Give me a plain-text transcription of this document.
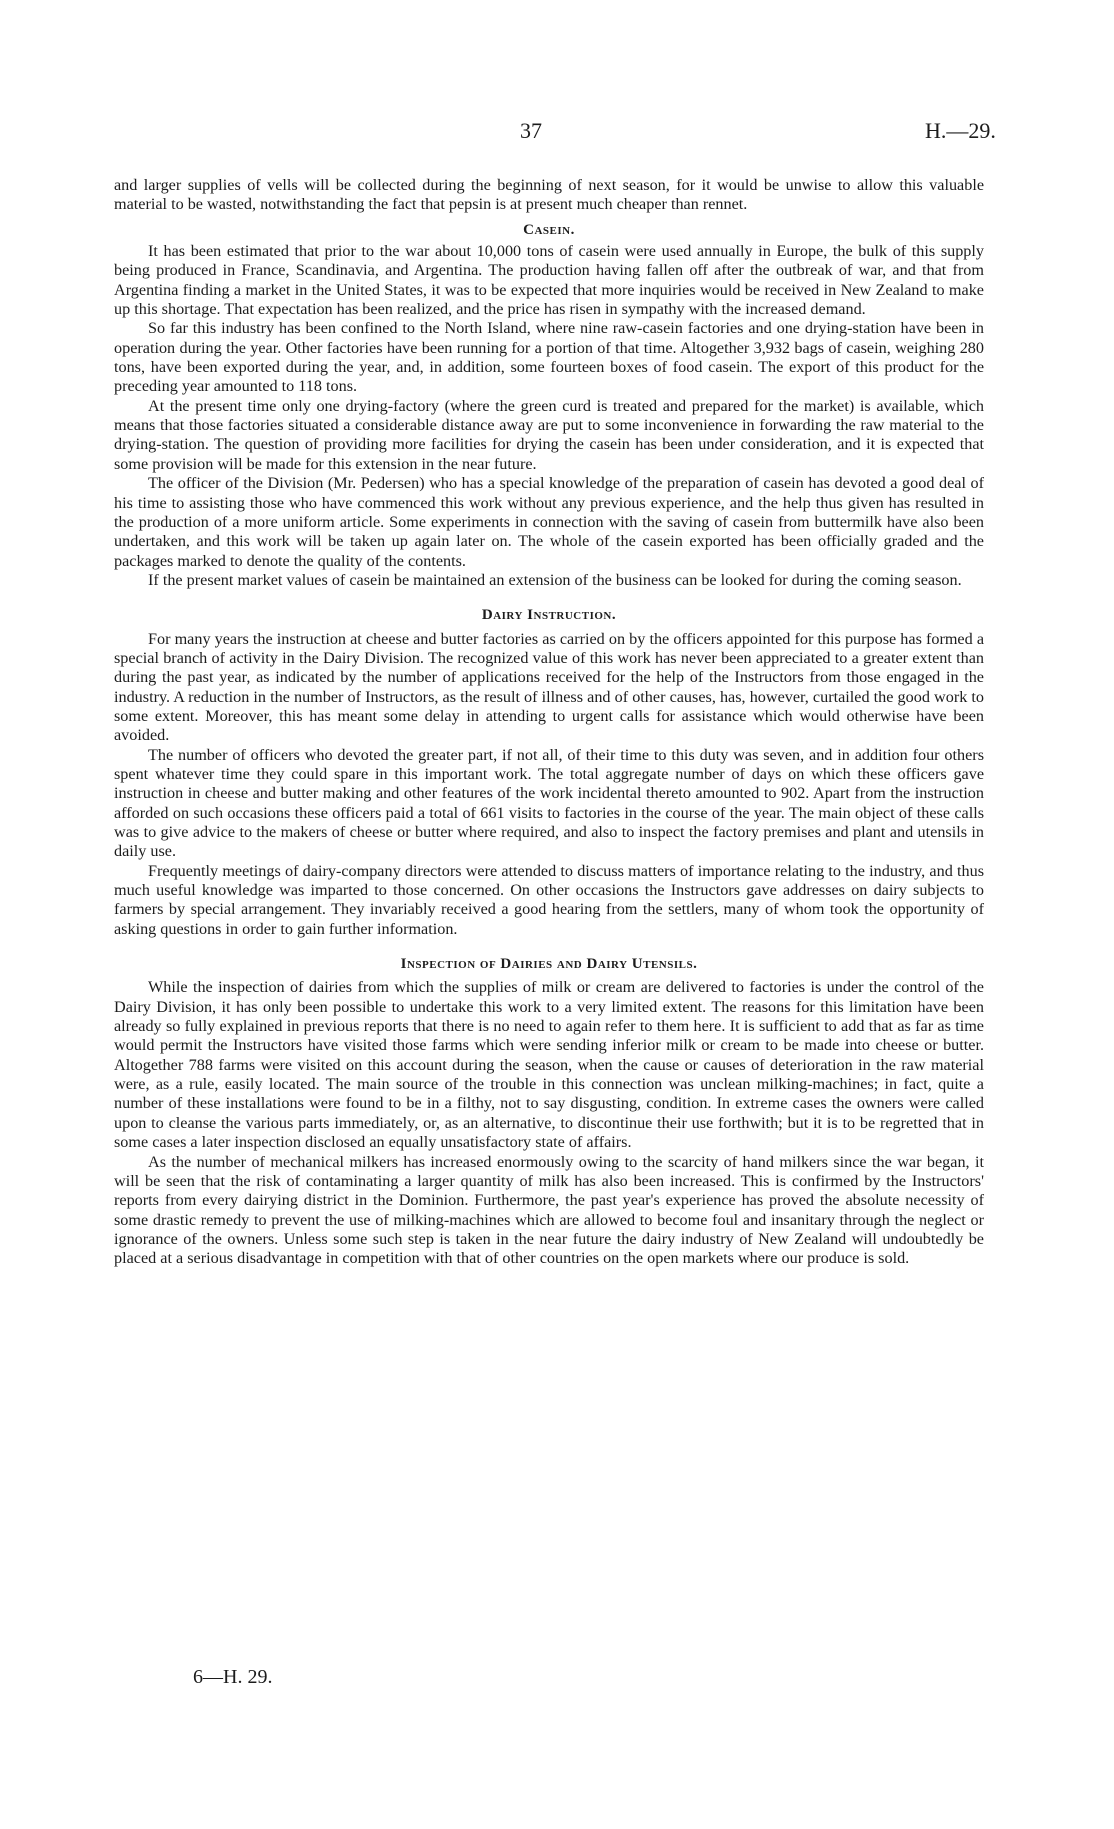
37	H.—29.

and larger supplies of vells will be collected during the beginning of next season, for it would be unwise to allow this valuable material to be wasted, notwithstanding the fact that pepsin is at present much cheaper than rennet.

Casein.

It has been estimated that prior to the war about 10,000 tons of casein were used annually in Europe, the bulk of this supply being produced in France, Scandinavia, and Argentina. The production having fallen off after the outbreak of war, and that from Argentina finding a market in the United States, it was to be expected that more inquiries would be received in New Zealand to make up this shortage. That expectation has been realized, and the price has risen in sympathy with the increased demand.

So far this industry has been confined to the North Island, where nine raw-casein factories and one drying-station have been in operation during the year. Other factories have been running for a portion of that time. Altogether 3,932 bags of casein, weighing 280 tons, have been exported during the year, and, in addition, some fourteen boxes of food casein. The export of this product for the preceding year amounted to 118 tons.

At the present time only one drying-factory (where the green curd is treated and prepared for the market) is available, which means that those factories situated a considerable distance away are put to some inconvenience in forwarding the raw material to the drying-station. The question of providing more facilities for drying the casein has been under consideration, and it is expected that some provision will be made for this extension in the near future.

The officer of the Division (Mr. Pedersen) who has a special knowledge of the preparation of casein has devoted a good deal of his time to assisting those who have commenced this work without any previous experience, and the help thus given has resulted in the production of a more uniform article. Some experiments in connection with the saving of casein from buttermilk have also been undertaken, and this work will be taken up again later on. The whole of the casein exported has been officially graded and the packages marked to denote the quality of the contents.

If the present market values of casein be maintained an extension of the business can be looked for during the coming season.

Dairy Instruction.

For many years the instruction at cheese and butter factories as carried on by the officers appointed for this purpose has formed a special branch of activity in the Dairy Division. The recognized value of this work has never been appreciated to a greater extent than during the past year, as indicated by the number of applications received for the help of the Instructors from those engaged in the industry. A reduction in the number of Instructors, as the result of illness and of other causes, has, however, curtailed the good work to some extent. Moreover, this has meant some delay in attending to urgent calls for assistance which would otherwise have been avoided.

The number of officers who devoted the greater part, if not all, of their time to this duty was seven, and in addition four others spent whatever time they could spare in this important work. The total aggregate number of days on which these officers gave instruction in cheese and butter making and other features of the work incidental thereto amounted to 902. Apart from the instruction afforded on such occasions these officers paid a total of 661 visits to factories in the course of the year. The main object of these calls was to give advice to the makers of cheese or butter where required, and also to inspect the factory premises and plant and utensils in daily use.

Frequently meetings of dairy-company directors were attended to discuss matters of importance relating to the industry, and thus much useful knowledge was imparted to those concerned. On other occasions the Instructors gave addresses on dairy subjects to farmers by special arrangement. They invariably received a good hearing from the settlers, many of whom took the opportunity of asking questions in order to gain further information.

Inspection of Dairies and Dairy Utensils.

While the inspection of dairies from which the supplies of milk or cream are delivered to factories is under the control of the Dairy Division, it has only been possible to undertake this work to a very limited extent. The reasons for this limitation have been already so fully explained in previous reports that there is no need to again refer to them here. It is sufficient to add that as far as time would permit the Instructors have visited those farms which were sending inferior milk or cream to be made into cheese or butter. Altogether 788 farms were visited on this account during the season, when the cause or causes of deterioration in the raw material were, as a rule, easily located. The main source of the trouble in this connection was unclean milking-machines; in fact, quite a number of these installations were found to be in a filthy, not to say disgusting, condition. In extreme cases the owners were called upon to cleanse the various parts immediately, or, as an alternative, to discontinue their use forthwith; but it is to be regretted that in some cases a later inspection disclosed an equally unsatisfactory state of affairs.

As the number of mechanical milkers has increased enormously owing to the scarcity of hand milkers since the war began, it will be seen that the risk of contaminating a larger quantity of milk has also been increased. This is confirmed by the Instructors' reports from every dairying district in the Dominion. Furthermore, the past year's experience has proved the absolute necessity of some drastic remedy to prevent the use of milking-machines which are allowed to become foul and insanitary through the neglect or ignorance of the owners. Unless some such step is taken in the near future the dairy industry of New Zealand will undoubtedly be placed at a serious disadvantage in competition with that of other countries on the open markets where our produce is sold.

6—H. 29.
